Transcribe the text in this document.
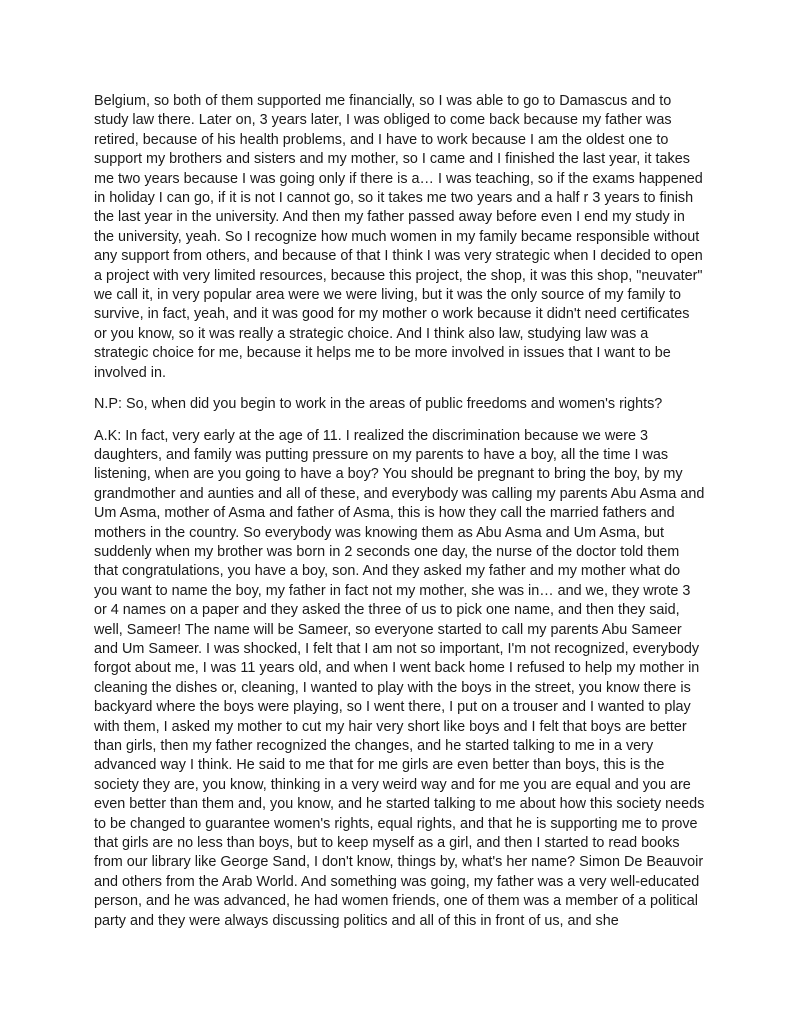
Belgium, so both of them supported me financially, so I was able to go to Damascus and to study law there. Later on, 3 years later, I was obliged to come back because my father was retired, because of his health problems, and I have to work because I am the oldest one to support my brothers and sisters and my mother, so I came and I finished the last year, it takes me two years because I was going only if there is a… I was teaching, so if the exams happened in holiday I can go, if it is not I cannot go, so it takes me two years and a half r 3 years to finish the last year in the university. And then my father passed away before even I end my study in the university, yeah. So I recognize how much women in my family became responsible without any support from others, and because of that I think I was very strategic when I decided to open a project with very limited resources, because this project, the shop, it was this shop, "neuvater" we call it, in very popular area were we were living, but it was the only source of my family to survive, in fact, yeah, and it was good for my mother o work because it didn't need certificates or you know, so it was really a strategic choice. And I think also law, studying law was a strategic choice for me, because it helps me to be more involved in issues that I want to be involved in.

N.P: So, when did you begin to work in the areas of public freedoms and women's rights?

A.K: In fact, very early at the age of 11. I realized the discrimination because we were 3 daughters, and family was putting pressure on my parents to have a boy, all the time I was listening, when are you going to have a boy? You should be pregnant to bring the boy, by my grandmother and aunties and all of these, and everybody was calling my parents Abu Asma and Um Asma, mother of Asma and father of Asma, this is how they call the married fathers and mothers in the country. So everybody was knowing them as Abu Asma and Um Asma, but suddenly when my brother was born in 2 seconds one day, the nurse of the doctor told them that congratulations, you have a boy, son. And they asked my father and my mother what do you want to name the boy, my father in fact not my mother, she was in… and we, they wrote 3 or 4 names on a paper and they asked the three of us to pick one name, and then they said, well, Sameer! The name will be Sameer, so everyone started to call my parents Abu Sameer and Um Sameer. I was shocked, I felt that I am not so important, I'm not recognized, everybody forgot about me, I was 11 years old, and when I went back home I refused to help my mother in cleaning the dishes or, cleaning, I wanted to play with the boys in the street, you know there is backyard where the boys were playing, so I went there, I put on a trouser and I wanted to play with them, I asked my mother to cut my hair very short like boys and I felt that boys are better than girls, then my father recognized the changes, and he started talking to me in a very advanced way I think. He said to me that for me girls are even better than boys, this is the society they are, you know, thinking in a very weird way and for me you are equal and you are even better than them and, you know, and he started talking to me about how this society needs to be changed to guarantee women's rights, equal rights, and that he is supporting me to prove that girls are no less than boys, but to keep myself as a girl, and then I started to read books from our library like George Sand, I don't know, things by, what's her name? Simon De Beauvoir and others from the Arab World. And something was going, my father was a very well-educated person, and he was advanced, he had women friends, one of them was a member of a political party and they were always discussing politics and all of this in front of us, and she
